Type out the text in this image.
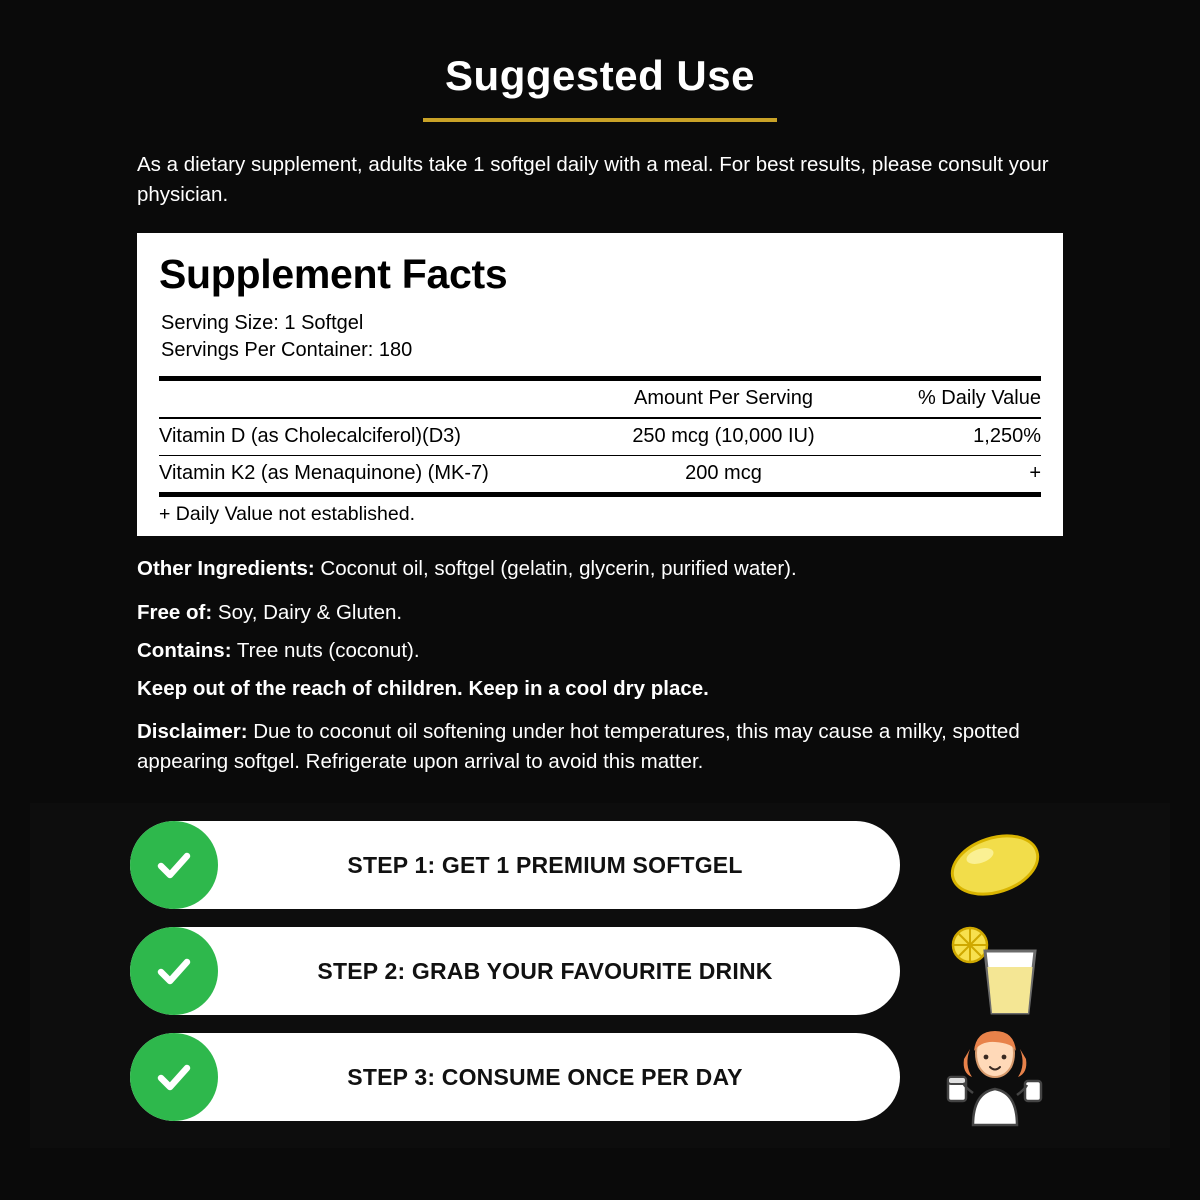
Suggested Use
As a dietary supplement, adults take 1 softgel daily with a meal. For best results, please consult your physician.
Supplement Facts
Serving Size: 1 Softgel
Servings Per Container: 180
	Amount Per Serving	% Daily Value
Vitamin D (as Cholecalciferol)(D3)	250 mcg (10,000 IU)	1,250%
Vitamin K2 (as Menaquinone) (MK-7)	200 mcg	+
+ Daily Value not established.
Other Ingredients: Coconut oil, softgel (gelatin, glycerin, purified water).
Free of: Soy, Dairy & Gluten.
Contains: Tree nuts (coconut).
Keep out of the reach of children. Keep in a cool dry place.
Disclaimer: Due to coconut oil softening under hot temperatures, this may cause a milky, spotted appearing softgel. Refrigerate upon arrival to avoid this matter.
STEP 1: GET 1 PREMIUM SOFTGEL
STEP 2: GRAB YOUR FAVOURITE DRINK
STEP 3: CONSUME ONCE PER DAY
